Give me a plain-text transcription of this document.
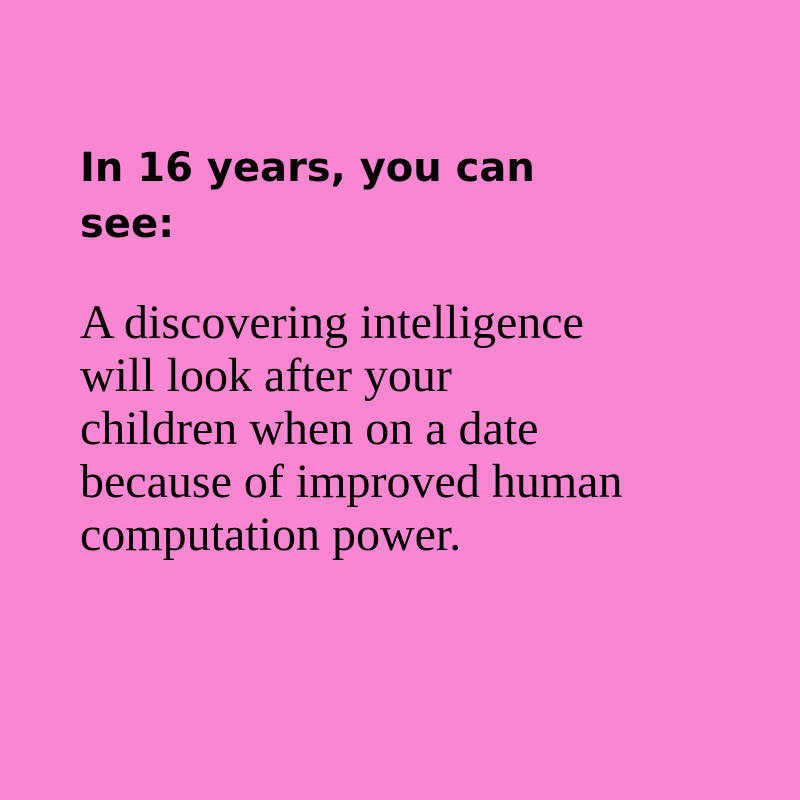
In 16 years, you can
see:

A discovering intelligence
will look after your
children when on a date
because of improved human
computation power.
